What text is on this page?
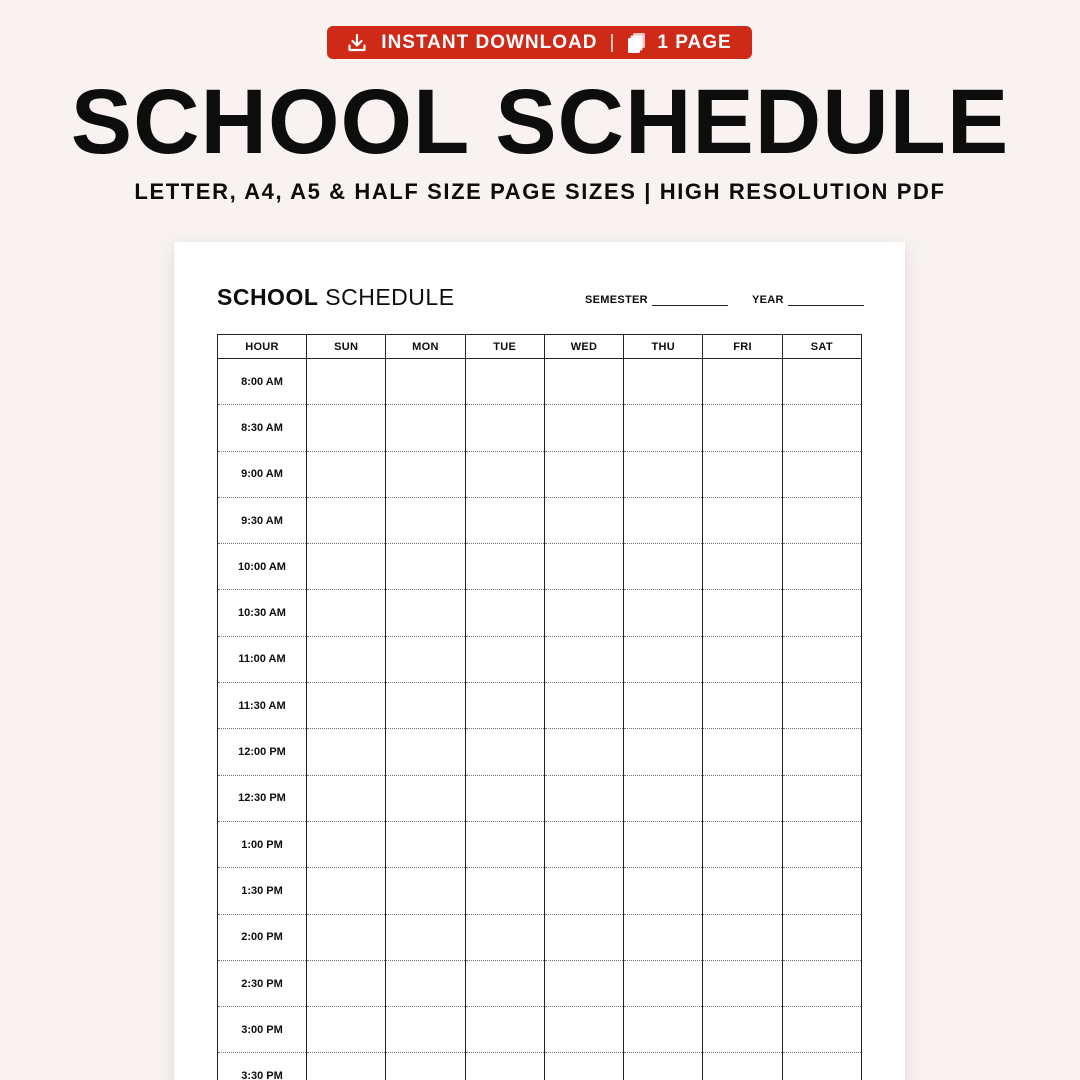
INSTANT DOWNLOAD | 1 PAGE
SCHOOL SCHEDULE
LETTER, A4, A5 & HALF SIZE PAGE SIZES | HIGH RESOLUTION PDF
SCHOOL SCHEDULE	SEMESTER	YEAR
HOUR	SUN	MON	TUE	WED	THU	FRI	SAT
8:00 AM							
8:30 AM							
9:00 AM							
9:30 AM							
10:00 AM							
10:30 AM							
11:00 AM							
11:30 AM							
12:00 PM							
12:30 PM							
1:00 PM							
1:30 PM							
2:00 PM							
2:30 PM							
3:00 PM							
3:30 PM							
